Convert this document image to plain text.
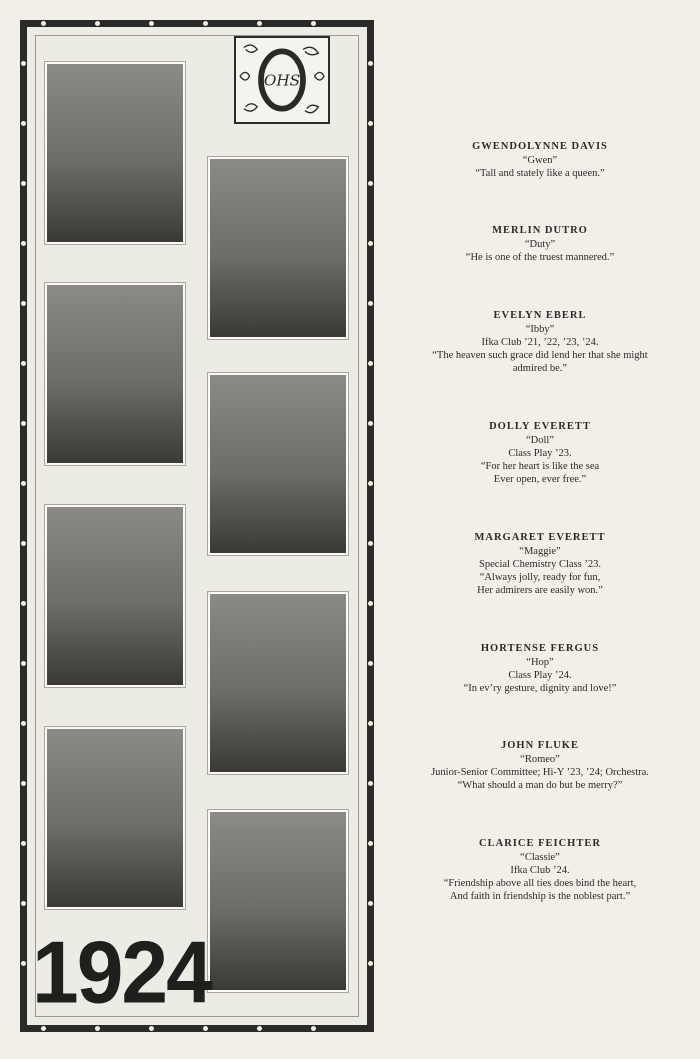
OHS
1924
GWENDOLYNNE DAVIS
“Gwen”
“Tall and stately like a queen.”
MERLIN DUTRO
“Duty”
“He is one of the truest mannered.”
EVELYN EBERL
“Ibby”
Ifka Club ’21, ’22, ’23, ’24.
“The heaven such grace did lend her that she might
admired be.”
DOLLY EVERETT
“Doll”
Class Play ’23.
“For her heart is like the sea
Ever open, ever free.”
MARGARET EVERETT
“Maggie”
Special Chemistry Class ’23.
“Always jolly, ready for fun,
Her admirers are easily won.”
HORTENSE FERGUS
“Hop”
Class Play ’24.
“In ev’ry gesture, dignity and love!”
JOHN FLUKE
“Romeo”
Junior-Senior Committee; Hi-Y ’23, ’24; Orchestra.
“What should a man do but be merry?”
CLARICE FEICHTER
“Classie”
Ifka Club ’24.
“Friendship above all ties does bind the heart,
And faith in friendship is the noblest part.”
